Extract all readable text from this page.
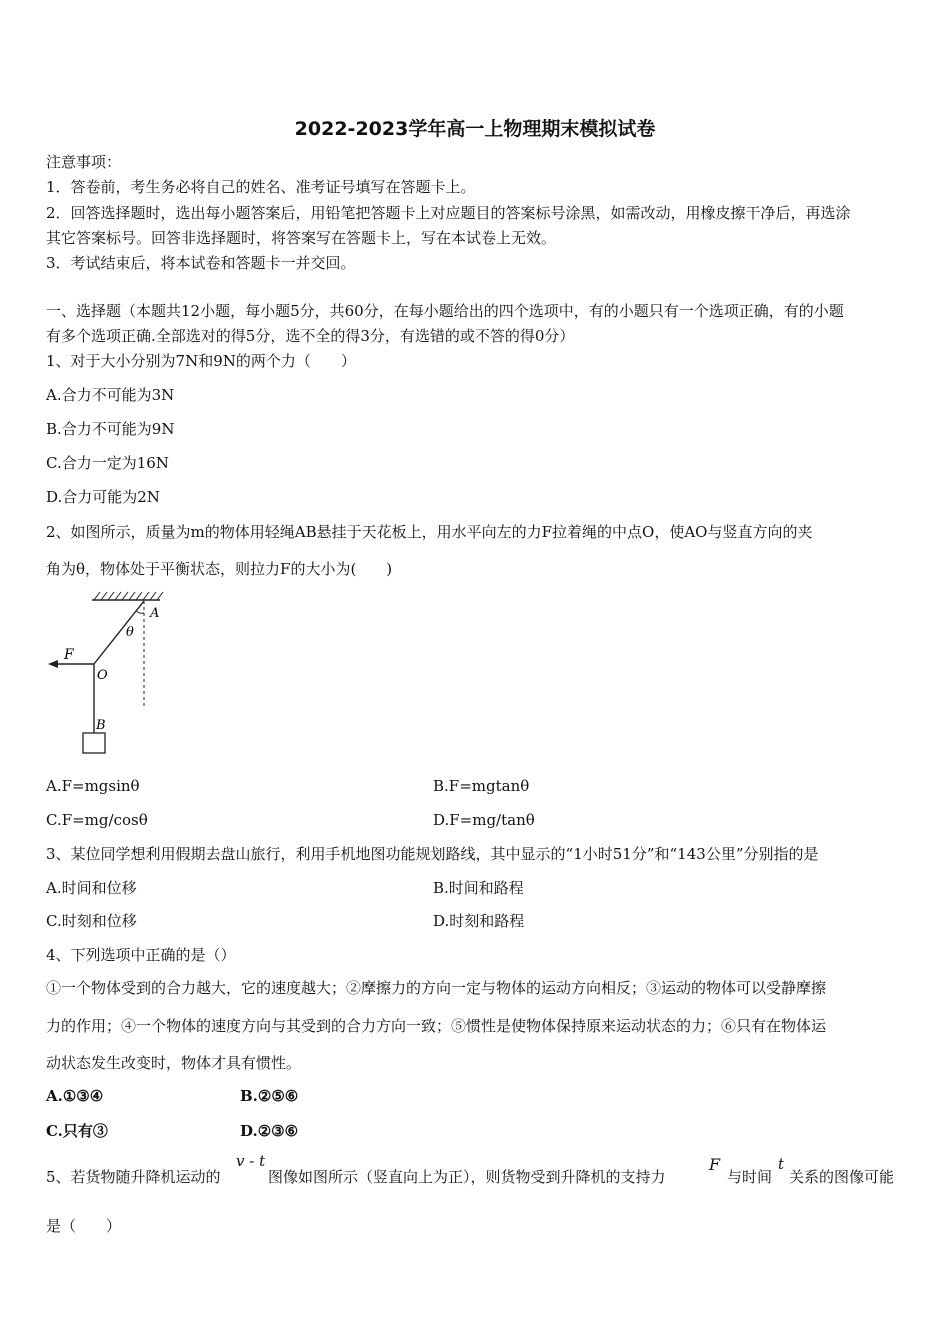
2022-2023学年高一上物理期末模拟试卷
注意事项：
1．答卷前，考生务必将自己的姓名、准考证号填写在答题卡上。
2．回答选择题时，选出每小题答案后，用铅笔把答题卡上对应题目的答案标号涂黑，如需改动，用橡皮擦干净后，再选涂
其它答案标号。回答非选择题时，将答案写在答题卡上，写在本试卷上无效。
3．考试结束后，将本试卷和答题卡一并交回。
一、选择题（本题共12小题，每小题5分，共60分，在每小题给出的四个选项中，有的小题只有一个选项正确，有的小题
有多个选项正确.全部选对的得5分，选不全的得3分，有选错的或不答的得0分）
1、对于大小分别为7N和9N的两个力（　　）
A.合力不可能为3N
B.合力不可能为9N
C.合力一定为16N
D.合力可能为2N
2、如图所示，质量为m的物体用轻绳AB悬挂于天花板上，用水平向左的力F拉着绳的中点O，使AO与竖直方向的夹
角为θ，物体处于平衡状态，则拉力F的大小为(　　)
A
θ
F
O
B
A.F=mgsinθ	B.F=mgtanθ
C.F=mg/cosθ	D.F=mg/tanθ
3、某位同学想利用假期去盘山旅行，利用手机地图功能规划路线，其中显示的“1小时51分”和“143公里”分别指的是
A.时间和位移	B.时间和路程
C.时刻和位移	D.时刻和路程
4、下列选项中正确的是（）
①一个物体受到的合力越大，它的速度越大；②摩擦力的方向一定与物体的运动方向相反；③运动的物体可以受静摩擦
力的作用；④一个物体的速度方向与其受到的合力方向一致；⑤惯性是使物体保持原来运动状态的力；⑥只有在物体运
动状态发生改变时，物体才具有惯性。
A.①③④	B.②⑤⑥
C.只有③	D.②③⑥
5、若货物随升降机运动的
v - t
图像如图所示（竖直向上为正），则货物受到升降机的支持力
F
与时间
t
关系的图像可能
是（　　）
